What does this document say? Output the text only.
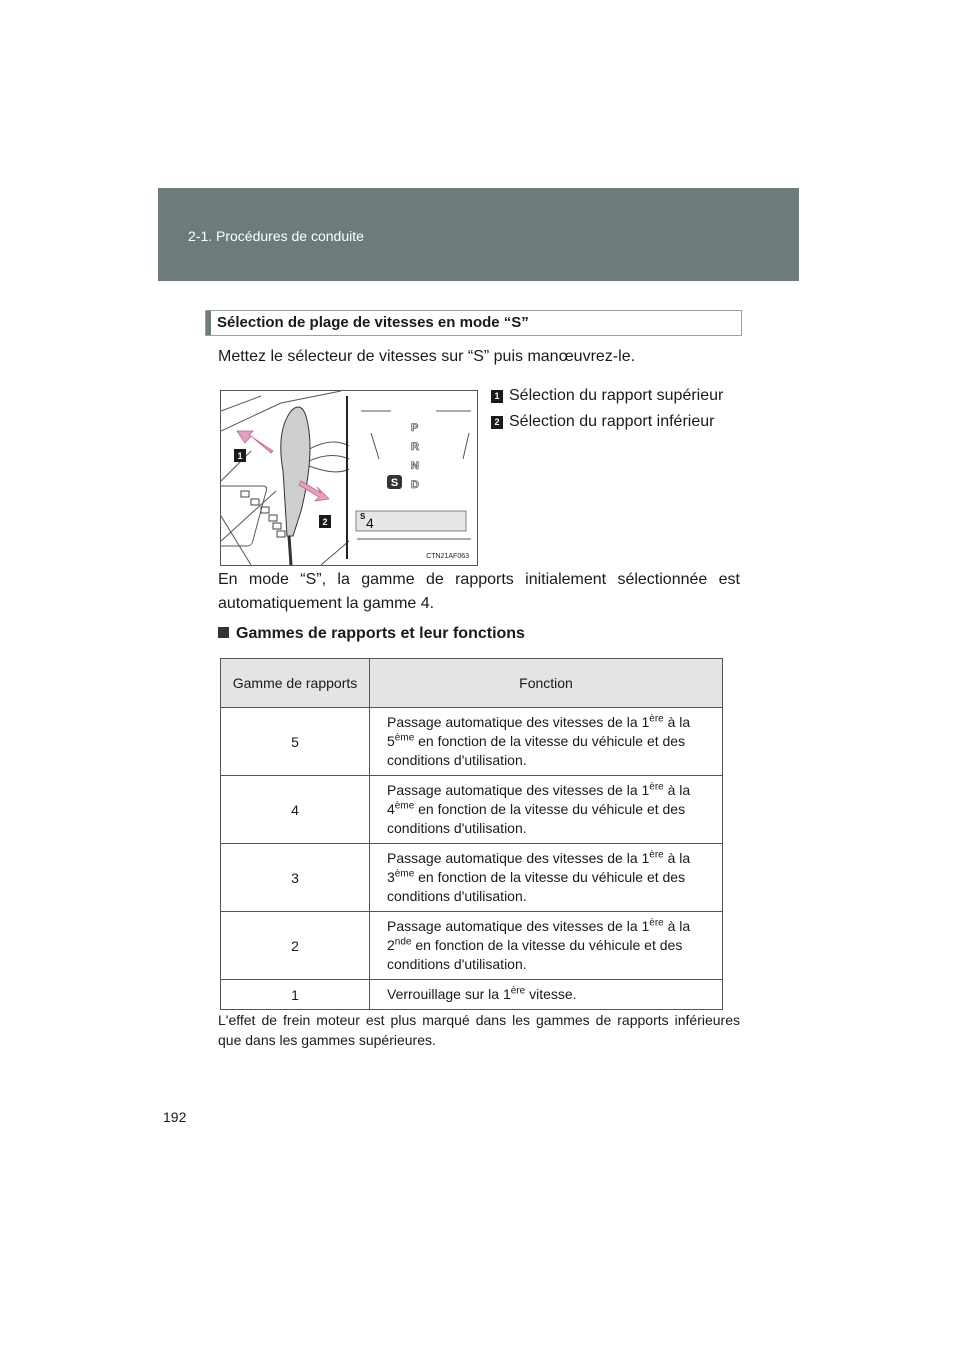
2-1. Procédures de conduite
Sélection de plage de vitesses en mode “S”
Mettez le sélecteur de vitesses sur “S” puis manœuvrez-le.
1
2
P
R
N
D
S
S 4
CTN21AF063
1 Sélection du rapport supérieur
2 Sélection du rapport inférieur
En mode “S”, la gamme de rapports initialement sélectionnée est automatiquement la gamme 4.
Gammes de rapports et leur fonctions
Gamme de rapports	Fonction
5	Passage automatique des vitesses de la 1ère à la
5ème en fonction de la vitesse du véhicule et des
conditions d'utilisation.
4	Passage automatique des vitesses de la 1ère à la
4ème en fonction de la vitesse du véhicule et des
conditions d'utilisation.
3	Passage automatique des vitesses de la 1ère à la
3ème en fonction de la vitesse du véhicule et des
conditions d'utilisation.
2	Passage automatique des vitesses de la 1ère à la
2nde en fonction de la vitesse du véhicule et des
conditions d'utilisation.
1	Verrouillage sur la 1ère vitesse.
L'effet de frein moteur est plus marqué dans les gammes de rapports inférieures que dans les gammes supérieures.
192
